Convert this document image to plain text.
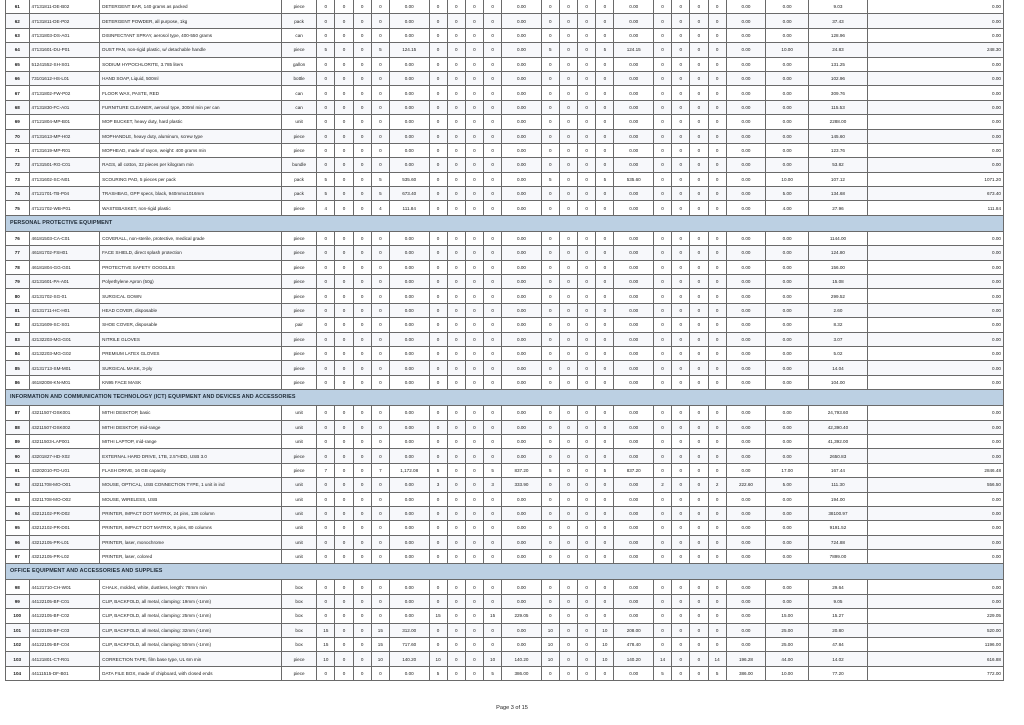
61	47131811-DE-B02	DETERGENT BAR, 140 grams as packed	piece	0	0	0	0	0.00	0	0	0	0	0.00	0	0	0	0	0.00	0	0	0	0	0.00	0.00	9.03	0.00
62	47131811-DE-P02	DETERGENT POWDER, all purpose, 1kg	pack	0	0	0	0	0.00	0	0	0	0	0.00	0	0	0	0	0.00	0	0	0	0	0.00	0.00	37.43	0.00
63	47131803-DS-A01	DISINFECTANT SPRAY, aerosol type, 400-550 grams	can	0	0	0	0	0.00	0	0	0	0	0.00	0	0	0	0	0.00	0	0	0	0	0.00	0.00	128.96	0.00
64	47131601-DU-P01	DUST PAN, non-rigid plastic, w/ detachable handle	piece	5	0	0	5	124.15	0	0	0	0	0.00	5	0	0	5	124.15	0	0	0	0	0.00	10.00	24.83	248.30
65	51241552-SH-S01	SODIUM HYPOCHLORITE, 3.785 liters	gallon	0	0	0	0	0.00	0	0	0	0	0.00	0	0	0	0	0.00	0	0	0	0	0.00	0.00	131.25	0.00
66	73101612-HS-L01	HAND SOAP, Liquid, 500ml	bottle	0	0	0	0	0.00	0	0	0	0	0.00	0	0	0	0	0.00	0	0	0	0	0.00	0.00	102.96	0.00
67	47131802-FW-P02	FLOOR WAX, PASTE, RED	can	0	0	0	0	0.00	0	0	0	0	0.00	0	0	0	0	0.00	0	0	0	0	0.00	0.00	309.76	0.00
68	47131830-FC-A01	FURNITURE CLEANER, aerosol type, 300ml min per can	can	0	0	0	0	0.00	0	0	0	0	0.00	0	0	0	0	0.00	0	0	0	0	0.00	0.00	115.53	0.00
69	47121804-MP-B01	MOP BUCKET, heavy duty, hard plastic	unit	0	0	0	0	0.00	0	0	0	0	0.00	0	0	0	0	0.00	0	0	0	0	0.00	0.00	2288.00	0.00
70	47131613-MP-H02	MOPHANDLE, heavy duty, aluminum, screw type	piece	0	0	0	0	0.00	0	0	0	0	0.00	0	0	0	0	0.00	0	0	0	0	0.00	0.00	145.60	0.00
71	47131619-MP-R01	MOPHEAD, made of rayon, weight: 400 grams min	piece	0	0	0	0	0.00	0	0	0	0	0.00	0	0	0	0	0.00	0	0	0	0	0.00	0.00	123.76	0.00
72	47131501-RG-C01	RAGS, all cotton, 32 pieces per kilogram min	bundle	0	0	0	0	0.00	0	0	0	0	0.00	0	0	0	0	0.00	0	0	0	0	0.00	0.00	53.82	0.00
73	47131602-SC-N01	SCOURING PAD, 5 pieces per pack	pack	5	0	0	5	535.60	0	0	0	0	0.00	5	0	0	5	535.60	0	0	0	0	0.00	10.00	107.12	1071.20
74	47121701-TB-P04	TRASHBAG, GPP specs, black, 940mmx1016mm	pack	5	0	0	5	673.40	0	0	0	0	0.00	0	0	0	0	0.00	0	0	0	0	0.00	5.00	134.68	673.40
75	47121702-WB-P01	WASTEBASKET, non-rigid plastic	piece	4	0	0	4	111.84	0	0	0	0	0.00	0	0	0	0	0.00	0	0	0	0	0.00	4.00	27.96	111.84
PERSONAL PROTECTIVE EQUIPMENT																										
76	46181503-CA-C01	COVERALL, non-sterile, protective, medical grade	piece	0	0	0	0	0.00	0	0	0	0	0.00	0	0	0	0	0.00	0	0	0	0	0.00	0.00	1144.00	0.00
77	46181702-FSH01	FACE SHIELD, direct splash protection	piece	0	0	0	0	0.00	0	0	0	0	0.00	0	0	0	0	0.00	0	0	0	0	0.00	0.00	124.80	0.00
78	46181804-GG-G01	PROTECTIVE SAFETY GOGGLES	piece	0	0	0	0	0.00	0	0	0	0	0.00	0	0	0	0	0.00	0	0	0	0	0.00	0.00	156.00	0.00
79	42131601-PA-A01	Polyethylene Apron (50g)	piece	0	0	0	0	0.00	0	0	0	0	0.00	0	0	0	0	0.00	0	0	0	0	0.00	0.00	15.08	0.00
80	42131702-SG-01	SURGICAL GOWN	piece	0	0	0	0	0.00	0	0	0	0	0.00	0	0	0	0	0.00	0	0	0	0	0.00	0.00	299.52	0.00
81	42131711-HC-H01	HEAD COVER, disposable	piece	0	0	0	0	0.00	0	0	0	0	0.00	0	0	0	0	0.00	0	0	0	0	0.00	0.00	2.60	0.00
82	42131609-SC-S01	SHOE COVER, disposable	pair	0	0	0	0	0.00	0	0	0	0	0.00	0	0	0	0	0.00	0	0	0	0	0.00	0.00	8.32	0.00
83	42132203-MG-G01	NITRILE GLOVES	piece	0	0	0	0	0.00	0	0	0	0	0.00	0	0	0	0	0.00	0	0	0	0	0.00	0.00	3.07	0.00
84	42132203-MG-G02	PREMIUM LATEX GLOVES	piece	0	0	0	0	0.00	0	0	0	0	0.00	0	0	0	0	0.00	0	0	0	0	0.00	0.00	5.02	0.00
85	42131713-SM-M01	SURGICAL MASK, 3-ply	piece	0	0	0	0	0.00	0	0	0	0	0.00	0	0	0	0	0.00	0	0	0	0	0.00	0.00	14.04	0.00
86	46182008-KN-M01	KN95 FACE MASK	piece	0	0	0	0	0.00	0	0	0	0	0.00	0	0	0	0	0.00	0	0	0	0	0.00	0.00	104.00	0.00
INFORMATION AND COMMUNICATION TECHNOLOGY (ICT) EQUIPMENT AND DEVICES AND ACCESSORIES																										
87	43211507-DSK001	MITHI DESKTOP, basic	unit	0	0	0	0	0.00	0	0	0	0	0.00	0	0	0	0	0.00	0	0	0	0	0.00	0.00	24,793.60	0.00
88	43211507-DSK002	MITHI DESKTOP, mid-range	unit	0	0	0	0	0.00	0	0	0	0	0.00	0	0	0	0	0.00	0	0	0	0	0.00	0.00	42,390.40	0.00
89	43211503-LAP001	MITHI LAPTOP, mid-range	unit	0	0	0	0	0.00	0	0	0	0	0.00	0	0	0	0	0.00	0	0	0	0	0.00	0.00	41,392.00	0.00
90	43201827-HD-X02	EXTERNAL HARD DRIVE, 1TB, 2.5"HDD, USB 3.0	piece	0	0	0	0	0.00	0	0	0	0	0.00	0	0	0	0	0.00	0	0	0	0	0.00	0.00	2650.83	0.00
91	43202010-FD-U01	FLASH DRIVE, 16 GB capacity	piece	7	0	0	7	1,172.08	5	0	0	5	837.20	5	0	0	5	837.20	0	0	0	0	0.00	17.00	167.44	2846.48
92	43211708-MO-O01	MOUSE, OPTICAL, USB CONNECTION TYPE, 1 unit in ind	unit	0	0	0	0	0.00	3	0	0	3	333.90	0	0	0	0	0.00	2	0	0	2	222.60	5.00	111.30	556.50
93	43211708-MO-O02	MOUSE, WIRELESS, USB	unit	0	0	0	0	0.00	0	0	0	0	0.00	0	0	0	0	0.00	0	0	0	0	0.00	0.00	194.00	0.00
94	43212102-PR-D02	PRINTER, IMPACT DOT MATRIX, 24 pins, 136 column	unit	0	0	0	0	0.00	0	0	0	0	0.00	0	0	0	0	0.00	0	0	0	0	0.00	0.00	38100.97	0.00
95	43212102-PR-D01	PRINTER, IMPACT DOT MATRIX, 9 pins, 80 columns	unit	0	0	0	0	0.00	0	0	0	0	0.00	0	0	0	0	0.00	0	0	0	0	0.00	0.00	9191.52	0.00
96	43212105-PR-L01	PRINTER, laser, monochrome	unit	0	0	0	0	0.00	0	0	0	0	0.00	0	0	0	0	0.00	0	0	0	0	0.00	0.00	724.88	0.00
97	43212105-PR-L02	PRINTER, laser, colored	unit	0	0	0	0	0.00	0	0	0	0	0.00	0	0	0	0	0.00	0	0	0	0	0.00	0.00	7899.00	0.00
OFFICE EQUIPMENT AND ACCESSORIES AND SUPPLIES																										
98	44121710-CH-W01	CHALK, molded, white, dustless, length: 78mm min	box	0	0	0	0	0.00	0	0	0	0	0.00	0	0	0	0	0.00	0	0	0	0	0.00	0.00	29.64	0.00
99	44122105-BF-C01	CLIP, BACKFOLD, all metal, clamping: 19mm (-1mm)	box	0	0	0	0	0.00	0	0	0	0	0.00	0	0	0	0	0.00	0	0	0	0	0.00	0.00	9.05	0.00
100	44122105-BF-C02	CLIP, BACKFOLD, all metal, clamping: 25mm (-1mm)	box	0	0	0	0	0.00	15	0	0	15	229.05	0	0	0	0	0.00	0	0	0	0	0.00	15.00	15.27	229.05
101	44122105-BF-C03	CLIP, BACKFOLD, all metal, clamping: 32mm (-1mm)	box	15	0	0	15	312.00	0	0	0	0	0.00	10	0	0	10	208.00	0	0	0	0	0.00	25.00	20.80	520.00
102	44122105-BF-C04	CLIP, BACKFOLD, all metal, clamping: 50mm (-1mm)	box	15	0	0	15	717.60	0	0	0	0	0.00	10	0	0	10	478.40	0	0	0	0	0.00	25.00	47.84	1196.00
103	44121801-CT-R01	CORRECTION TAPE, film base type, UL 6m min	piece	10	0	0	10	140.20	10	0	0	10	140.20	10	0	0	10	140.20	14	0	0	14	196.28	44.00	14.02	616.88
104	44111515-DF-B01	DATA FILE BOX, made of chipboard, with closed ends	piece	0	0	0	0	0.00	5	0	0	5	386.00	0	0	0	0	0.00	5	0	0	5	386.00	10.00	77.20	772.00
Page 3 of 15
